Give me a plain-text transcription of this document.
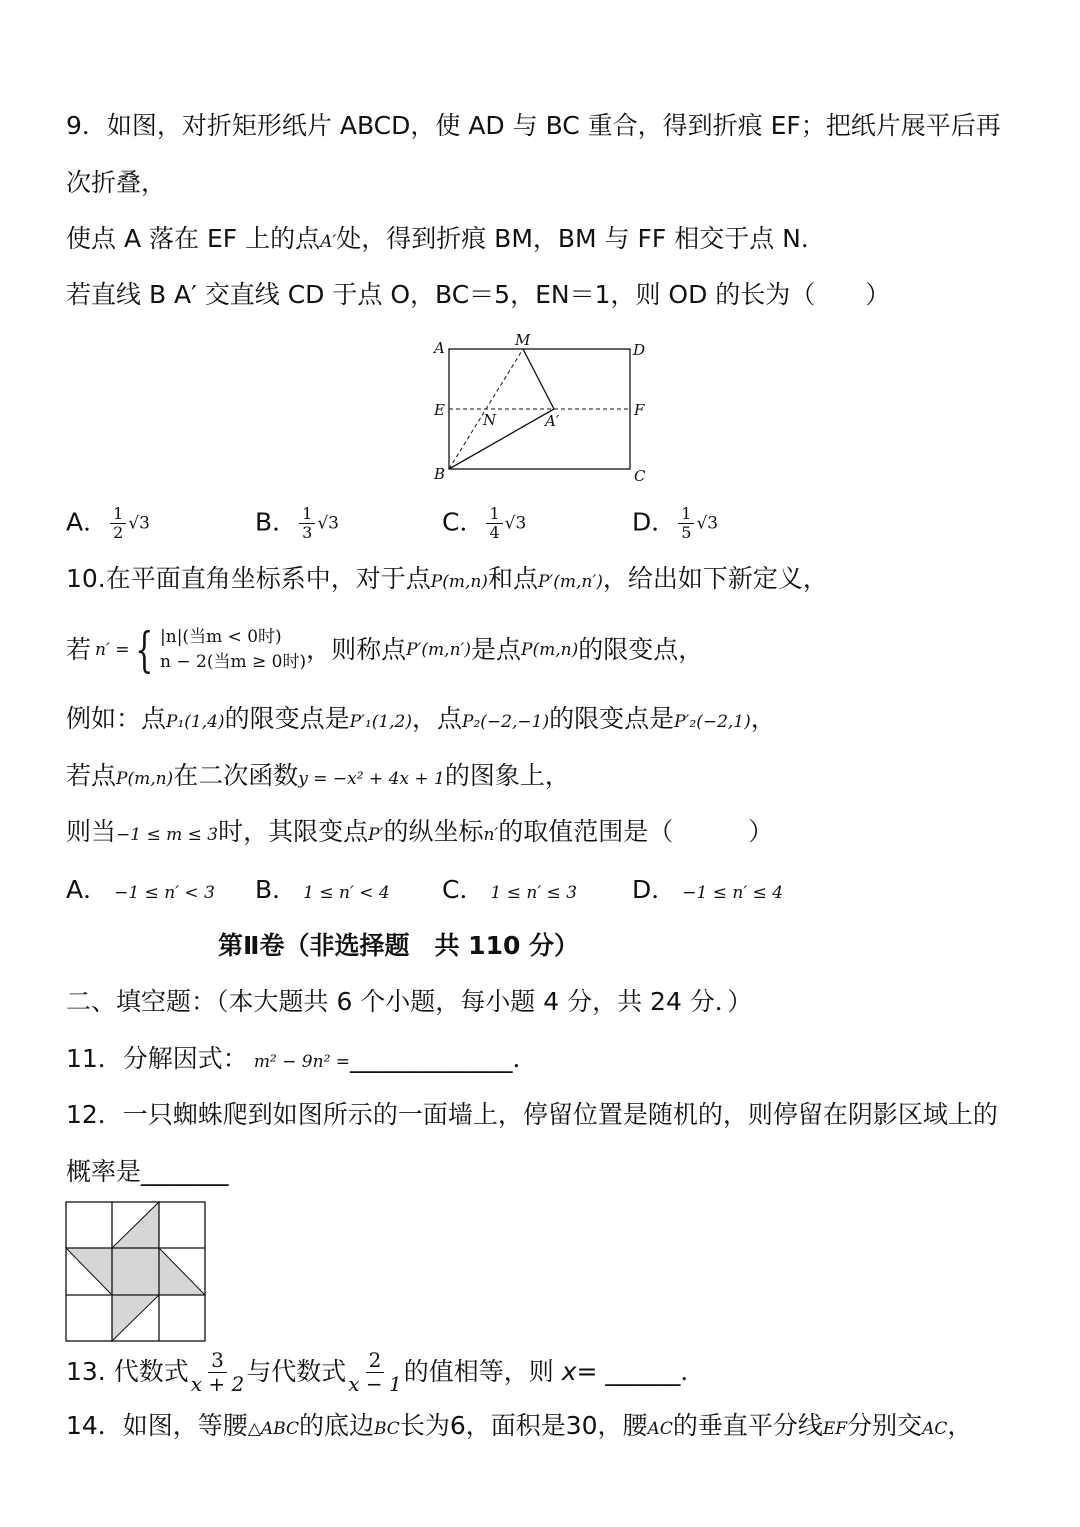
9．如图，对折矩形纸片 ABCD，使 AD 与 BC 重合，得到折痕 EF；把纸片展平后再
次折叠，
使点 A 落在 EF 上的点A′处，得到折痕 BM，BM 与 FF 相交于点 N．
若直线 B A′ 交直线 CD 于点 O，BC＝5，EN＝1，则 OD 的长为（　　）
A	M
D
E
N	A′
F
B	C
A． $\frac{1}{2} √3$	B． $\frac{1}{3} √3$	C． $\frac{1}{4} √3$	D． $\frac{1}{5} √3$
10.在平面直角坐标系中，对于点P(m,n)和点P′(m,n′)，给出如下新定义，
若 n′ = { |n|(当m < 0时)
n − 2(当m ≥ 0时) ，则称点 P′(m,n′) 是点 P(m,n) 的限变点，
例如：点P₁(1,4)的限变点是P′₁(1,2)，点P₂(−2,−1)的限变点是P′₂(−2,1)，
若点P(m,n)在二次函数y = −x² + 4x + 1的图象上，
则当−1 ≤ m ≤ 3时，其限变点P′的纵坐标n′的取值范围是（　　　）
A． −1 ≤ n′ < 3 B． 1 ≤ n′ < 4 C． 1 ≤ n′ ≤ 3 D． −1 ≤ n′ ≤ 4
第Ⅱ卷（非选择题　共 110 分）
二、填空题：（本大题共 6 个小题，每小题 4 分，共 24 分．）
11．分解因式： m² − 9n² =_____________．
12．一只蜘蛛爬到如图所示的一面墙上，停留位置是随机的，则停留在阴影区域上的
概率是_______
13. 代数式 $\frac{3}{x + 2}$ 与代数式 $\frac{2}{x - 1}$ 的值相等，则 x = ______．
14．如图，等腰△ABC的底边BC长为6，面积是30，腰AC的垂直平分线EF分别交AC，
